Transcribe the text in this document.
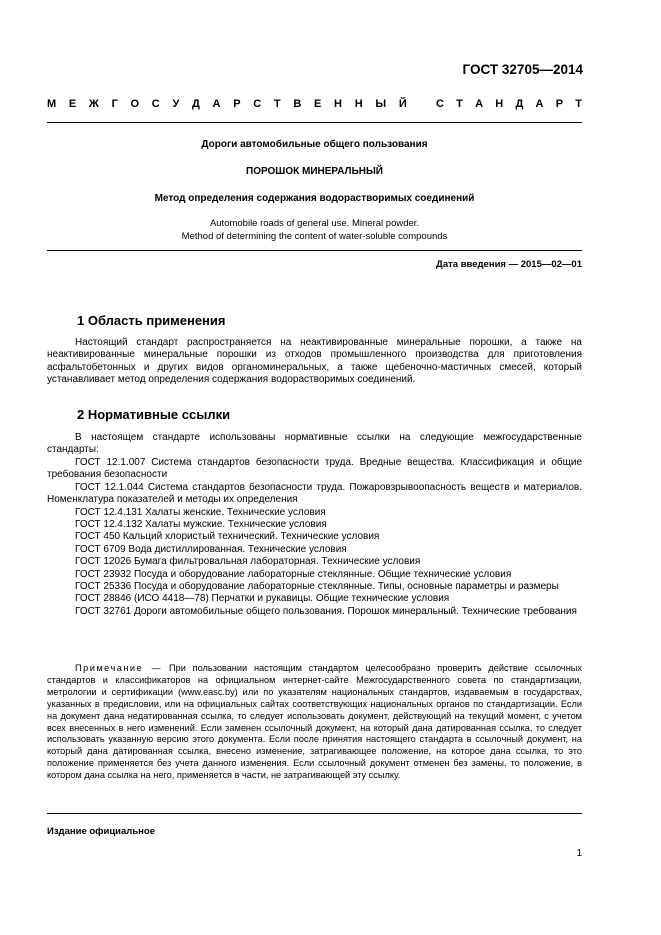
ГОСТ 32705—2014
М Е Ж Г О С У Д А Р С Т В Е Н Н Ы Й	С Т А Н Д А Р Т
Дороги автомобильные общего пользования
ПОРОШОК МИНЕРАЛЬНЫЙ
Метод определения содержания водорастворимых соединений
Automobile roads of general use. Mineral powder.
Method of determining the content of water-soluble compounds
Дата введения — 2015—02—01
1 Область применения
Настоящий стандарт распространяется на неактивированные минеральные порошки, а также на неактивированные минеральные порошки из отходов промышленного производства для приготовления асфальтобетонных и других видов органоминеральных, а также щебеночно-мастичных смесей, который устанавливает метод определения содержания водорастворимых соединений.
2 Нормативные ссылки
В настоящем стандарте использованы нормативные ссылки на следующие межгосударственные стандарты:
ГОСТ 12.1.007 Система стандартов безопасности труда. Вредные вещества. Классификация и общие требования безопасности
ГОСТ 12.1.044 Система стандартов безопасности труда. Пожаровзрывоопасность веществ и материалов. Номенклатура показателей и методы их определения
ГОСТ 12.4.131 Халаты женские. Технические условия
ГОСТ 12.4.132 Халаты мужские. Технические условия
ГОСТ 450 Кальций хлористый технический. Технические условия
ГОСТ 6709 Вода дистиллированная. Технические условия
ГОСТ 12026 Бумага фильтровальная лабораторная. Технические условия
ГОСТ 23932 Посуда и оборудование лабораторные стеклянные. Общие технические условия
ГОСТ 25336 Посуда и оборудование лабораторные стеклянные. Типы, основные параметры и размеры
ГОСТ 28846 (ИСО 4418—78) Перчатки и рукавицы. Общие технические условия
ГОСТ 32761 Дороги автомобильные общего пользования. Порошок минеральный. Технические требования
Примечание — При пользовании настоящим стандартом целесообразно проверить действие ссылочных стандартов и классификаторов на официальном интернет-сайте Межгосударственного совета по стандартизации, метрологии и сертификации (www.easc.by) или по указателям национальных стандартов, издаваемым в государствах, указанных в предисловии, или на официальных сайтах соответствующих национальных органов по стандартизации. Если на документ дана недатированная ссылка, то следует использовать документ, действующий на текущий момент, с учетом всех внесенных в него изменений. Если заменен ссылочный документ, на который дана датированная ссылка, то следует использовать указанную версию этого документа. Если после принятия настоящего стандарта в ссылочный документ, на который дана датированная ссылка, внесено изменение, затрагивающее положение, на которое дана ссылка, то это положение применяется без учета данного изменения. Если ссылочный документ отменен без замены, то положение, в котором дана ссылка на него, применяется в части, не затрагивающей эту ссылку.
Издание официальное
1
